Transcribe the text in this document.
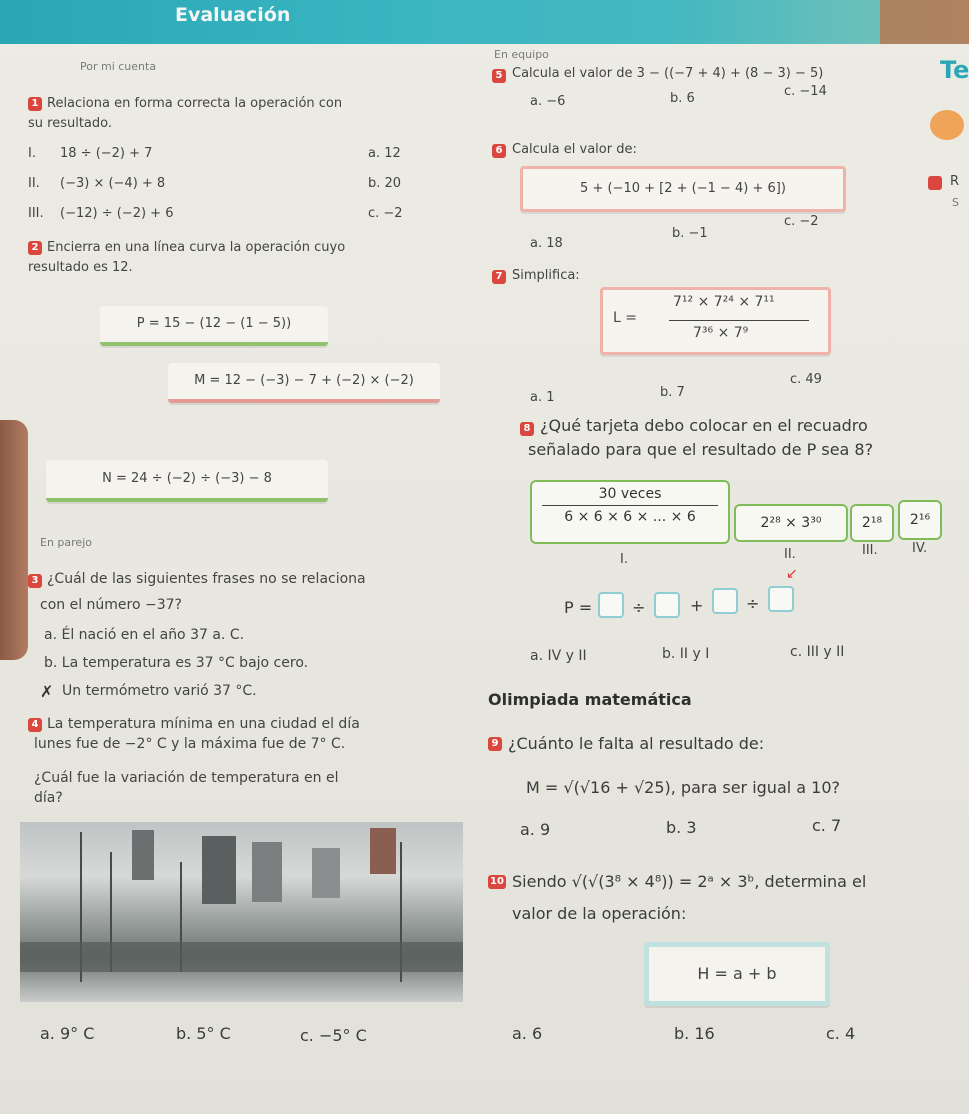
Evaluación
Por mi cuenta
1 Relaciona en forma correcta la operación con
su resultado.
I. 18 ÷ (−2) + 7	a. 12
II. (−3) × (−4) + 8	b. 20
III. (−12) ÷ (−2) + 6	c. −2
2 Encierra en una línea curva la operación cuyo
resultado es 12.
P = 15 − (12 − (1 − 5))
M = 12 − (−3) − 7 + (−2) × (−2)
N = 24 ÷ (−2) ÷ (−3) − 8
En parejo
3 ¿Cuál de las siguientes frases no se relaciona
con el número −37?
a. Él nació en el año 37 a. C.
b. La temperatura es 37 °C bajo cero.
✗ Un termómetro varió 37 °C.
4 La temperatura mínima en una ciudad el día
lunes fue de −2° C y la máxima fue de 7° C.
¿Cuál fue la variación de temperatura en el
día?
a. 9° C	b. 5° C	c. −5° C
En equipo
5 Calcula el valor de 3 − ((−7 + 4) + (8 − 3) − 5)
a. −6	b. 6	c. −14
6 Calcula el valor de:
5 + (−10 + [2 + (−1 − 4) + 6])
a. 18
b. −1
c. −2
7 Simplifica:
L =
7¹² × 7²⁴ × 7¹¹
7³⁶ × 7⁹
a. 1	b. 7
c. 49
8 ¿Qué tarjeta debo colocar en el recuadro
señalado para que el resultado de P sea 8?
30 veces
6 × 6 × 6 × ... × 6	2²⁸ × 3³⁰	2¹⁸	2¹⁶
I.	II.	III.	IV.
P = ÷	+	÷
↙
a. IV y II	b. II y I	c. III y II
Olimpiada matemática
9 ¿Cuánto le falta al resultado de:
M = √(√16 + √25), para ser igual a 10?
a. 9	b. 3	c. 7
10 Siendo √(√(3⁸ × 4⁸)) = 2ᵃ × 3ᵇ, determina el
valor de la operación:
H = a + b
a. 6	b. 16	c. 4
Te
R
S
